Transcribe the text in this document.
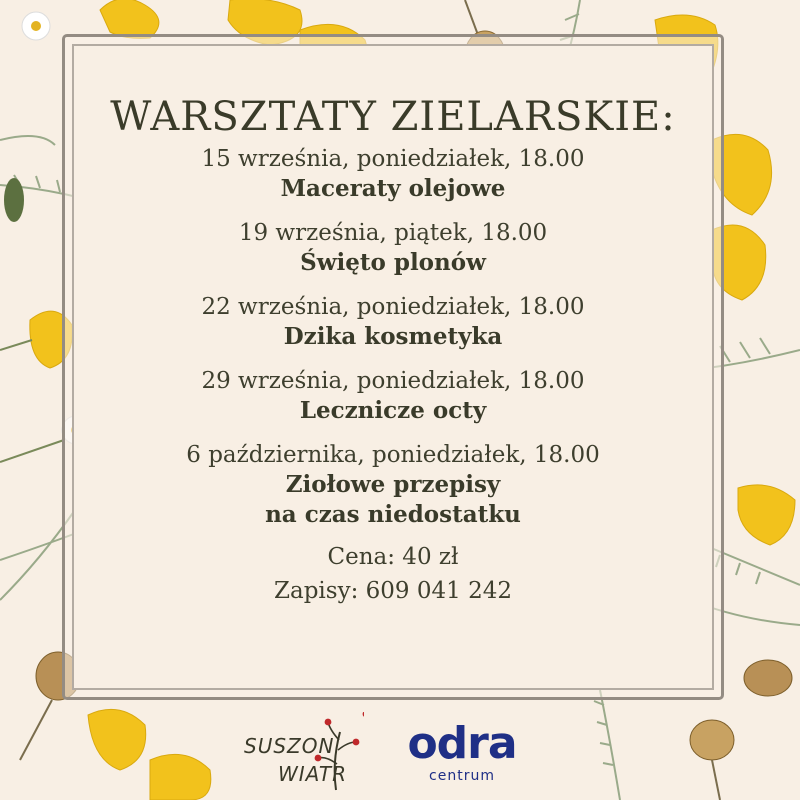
WARSZTATY ZIELARSKIE:
15 września, poniedziałek, 18.00
Maceraty olejowe
19 września, piątek, 18.00
Święto plonów
22 września, poniedziałek, 18.00
Dzika kosmetyka
29 września, poniedziałek, 18.00
Lecznicze octy
6 października, poniedziałek, 18.00
Ziołowe przepisy
na czas niedostatku
Cena: 40 zł
Zapisy: 609 041 242
SUSZON
WIATR
odra
centrum
